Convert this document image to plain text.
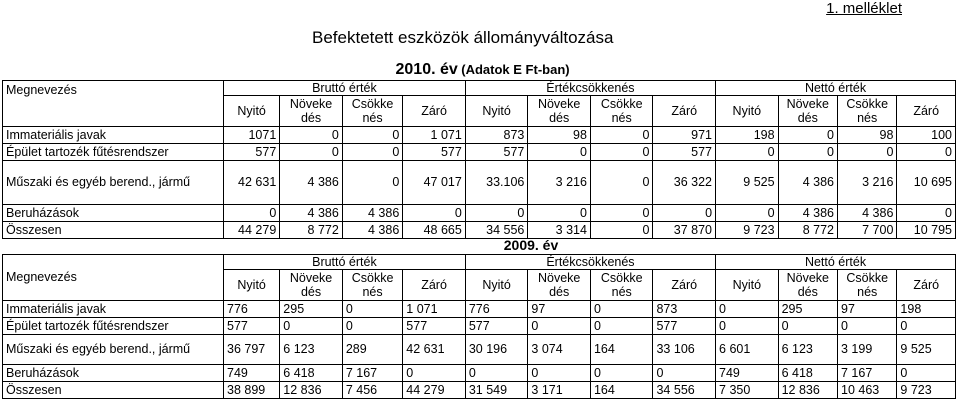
1. melléklet
Befektetett eszközök állományváltozása
	2010. év (Adatok E Ft-ban)											
Megnevezés	Bruttó érték				Értékcsökkenés				Nettó érték			
	Nyitó	Növeke dés	Csökke nés	Záró	Nyitó	Növeke dés	Csökke nés	Záró	Nyitó	Növeke dés	Csökke nés	Záró
Immateriális javak	1071	0	0	1 071	873	98	0	971	198	0	98	100
Épület tartozék fűtésrendszer	577	0	0	577	577	0	0	577	0	0	0	0
Műszaki és egyéb berend., jármű	42 631	4 386	0	47 017	33.106	3 216	0	36 322	9 525	4 386	3 216	10 695
Beruházások	0	4 386	4 386	0	0	0	0	0	0	4 386	4 386	0
Összesen	44 279	8 772	4 386	48 665	34 556	3 314	0	37 870	9 723	8 772	7 700	10 795
	2009. év											
Megnevezés	Bruttó érték				Értékcsökkenés				Nettó érték			
	Nyitó	Növeke dés	Csökke nés	Záró	Nyitó	Növeke dés	Csökke nés	Záró	Nyitó	Növeke dés	Csökke nés	Záró
Immateriális javak	776	295	0	1 071	776	97	0	873	0	295	97	198
Épület tartozék fűtésrendszer	577	0	0	577	577	0	0	577	0	0	0	0
Műszaki és egyéb berend., jármű	36 797	6 123	289	42 631	30 196	3 074	164	33 106	6 601	6 123	3 199	9 525
Beruházások	749	6 418	7 167	0	0	0	0	0	749	6 418	7 167	0
Összesen	38 899	12 836	7 456	44 279	31 549	3 171	164	34 556	7 350	12 836	10 463	9 723
